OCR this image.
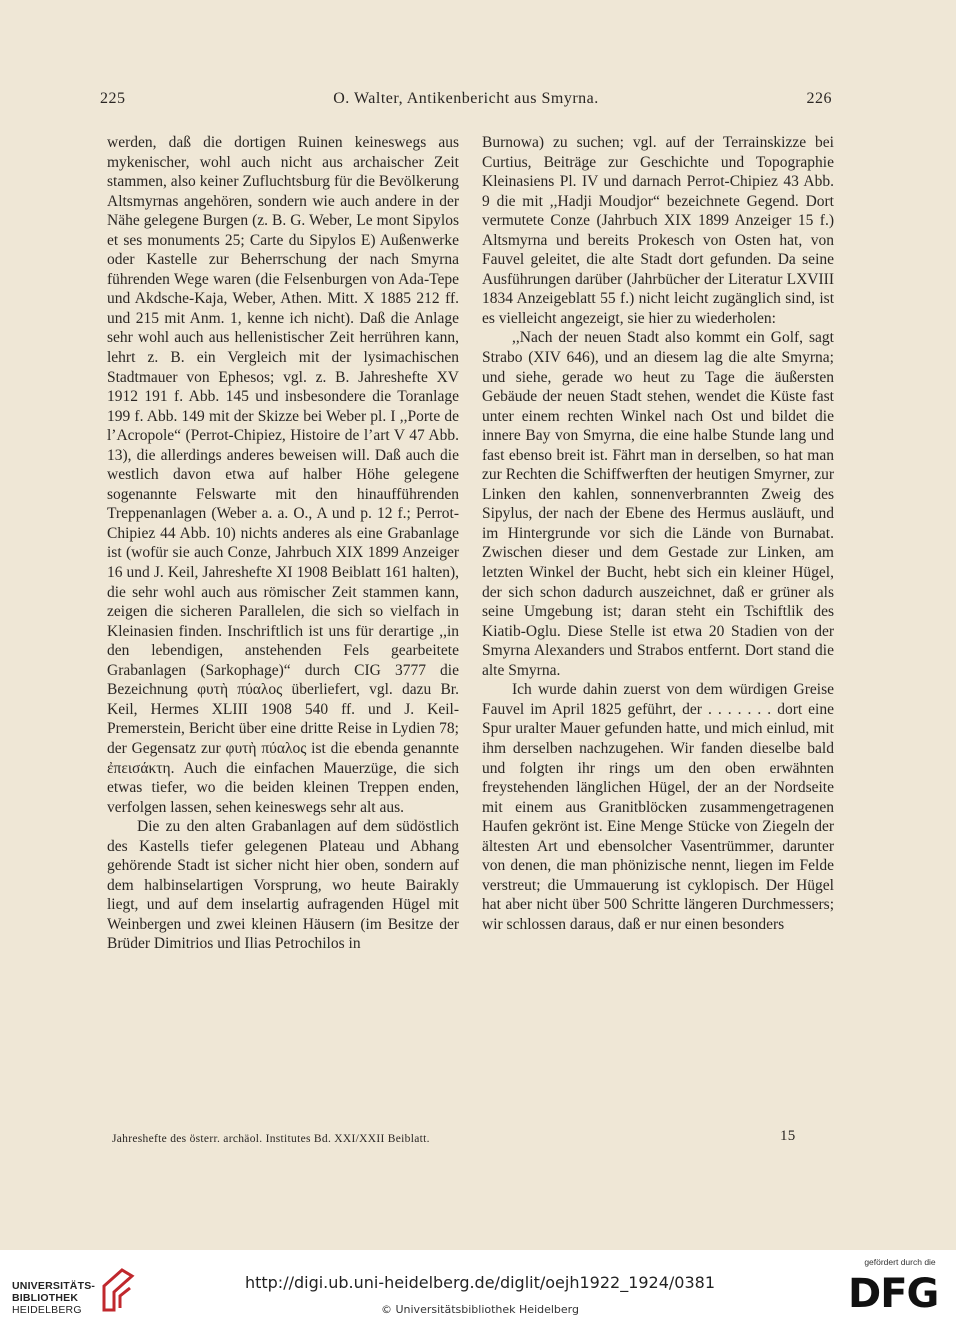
225	O. Walter, Antikenbericht aus Smyrna.	226

werden, daß die dortigen Ruinen keineswegs aus mykenischer, wohl auch nicht aus archaischer Zeit stammen, also keiner Zufluchtsburg für die Bevölkerung Altsmyrnas angehören, sondern wie auch andere in der Nähe gelegene Burgen (z. B. G. Weber, Le mont Sipylos et ses monuments 25; Carte du Sipylos E) Außenwerke oder Kastelle zur Beherrschung der nach Smyrna führenden Wege waren (die Felsenburgen von Ada-Tepe und Akdsche-Kaja, Weber, Athen. Mitt. X 1885 212 ff. und 215 mit Anm. 1, kenne ich nicht). Daß die Anlage sehr wohl auch aus hellenistischer Zeit herrühren kann, lehrt z. B. ein Vergleich mit der lysimachischen Stadtmauer von Ephesos; vgl. z. B. Jahreshefte XV 1912 191 f. Abb. 145 und insbesondere die Toranlage 199 f. Abb. 149 mit der Skizze bei Weber pl. I ,,Porte de l’Acropole“ (Perrot-Chipiez, Histoire de l’art V 47 Abb. 13), die allerdings anderes beweisen will. Daß auch die westlich davon etwa auf halber Höhe gelegene sogenannte Felswarte mit den hinaufführenden Treppenanlagen (Weber a. a. O., A und p. 12 f.; Perrot-Chipiez 44 Abb. 10) nichts anderes als eine Grabanlage ist (wofür sie auch Conze, Jahrbuch XIX 1899 Anzeiger 16 und J. Keil, Jahreshefte XI 1908 Beiblatt 161 halten), die sehr wohl auch aus römischer Zeit stammen kann, zeigen die sicheren Parallelen, die sich so vielfach in Kleinasien finden. Inschriftlich ist uns für derartige ,,in den lebendigen, anstehenden Fels gearbeitete Grabanlagen (Sarkophage)“ durch CIG 3777 die Bezeichnung φυτὴ πύαλος überliefert, vgl. dazu Br. Keil, Hermes XLIII 1908 540 ff. und J. Keil-Premerstein, Bericht über eine dritte Reise in Lydien 78; der Gegensatz zur φυτὴ πύαλος ist die ebenda genannte ἐπεισάκτη. Auch die einfachen Mauerzüge, die sich etwas tiefer, wo die beiden kleinen Treppen enden, verfolgen lassen, sehen keineswegs sehr alt aus.

Die zu den alten Grabanlagen auf dem südöstlich des Kastells tiefer gelegenen Plateau und Abhang gehörende Stadt ist sicher nicht hier oben, sondern auf dem halbinselartigen Vorsprung, wo heute Bairakly liegt, und auf dem inselartig aufragenden Hügel mit Weinbergen und zwei kleinen Häusern (im Besitze der Brüder Dimitrios und Ilias Petrochilos in

Burnowa) zu suchen; vgl. auf der Terrainskizze bei Curtius, Beiträge zur Geschichte und Topographie Kleinasiens Pl. IV und darnach Perrot-Chipiez 43 Abb. 9 die mit ,,Hadji Moudjor“ bezeichnete Gegend. Dort vermutete Conze (Jahrbuch XIX 1899 Anzeiger 15 f.) Altsmyrna und bereits Prokesch von Osten hat, von Fauvel geleitet, die alte Stadt dort gefunden. Da seine Ausführungen darüber (Jahrbücher der Literatur LXVIII 1834 Anzeigeblatt 55 f.) nicht leicht zugänglich sind, ist es vielleicht angezeigt, sie hier zu wiederholen:

,,Nach der neuen Stadt also kommt ein Golf, sagt Strabo (XIV 646), und an diesem lag die alte Smyrna; und siehe, gerade wo heut zu Tage die äußersten Gebäude der neuen Stadt stehen, wendet die Küste fast unter einem rechten Winkel nach Ost und bildet die innere Bay von Smyrna, die eine halbe Stunde lang und fast ebenso breit ist. Fährt man in derselben, so hat man zur Rechten die Schiffwerften der heutigen Smyrner, zur Linken den kahlen, sonnenverbrannten Zweig des Sipylus, der nach der Ebene des Hermus ausläuft, und im Hintergrunde vor sich die Lände von Burnabat. Zwischen dieser und dem Gestade zur Linken, am letzten Winkel der Bucht, hebt sich ein kleiner Hügel, der sich schon dadurch auszeichnet, daß er grüner als seine Umgebung ist; daran steht ein Tschiftlik des Kiatib-Oglu. Diese Stelle ist etwa 20 Stadien von der Smyrna Alexanders und Strabos entfernt. Dort stand die alte Smyrna.

Ich wurde dahin zuerst von dem würdigen Greise Fauvel im April 1825 geführt, der . . . . . . . dort eine Spur uralter Mauer gefunden hatte, und mich einlud, mit ihm derselben nachzugehen. Wir fanden dieselbe bald und folgten ihr rings um den oben erwähnten freystehenden länglichen Hügel, der an der Nordseite mit einem aus Granitblöcken zusammengetragenen Haufen gekrönt ist. Eine Menge Stücke von Ziegeln der ältesten Art und ebensolcher Vasentrümmer, darunter von denen, die man phönizische nennt, liegen im Felde verstreut; die Ummauerung ist cyklopisch. Der Hügel hat aber nicht über 500 Schritte längeren Durchmessers; wir schlossen daraus, daß er nur einen besonders

Jahreshefte des österr. archäol. Institutes Bd. XXI/XXII Beiblatt.	15
UNIVERSITÄTS-
BIBLIOTHEK
HEIDELBERG
http://digi.ub.uni-heidelberg.de/diglit/oejh1922_1924/0381
© Universitätsbibliothek Heidelberg
gefördert durch die
DFG
